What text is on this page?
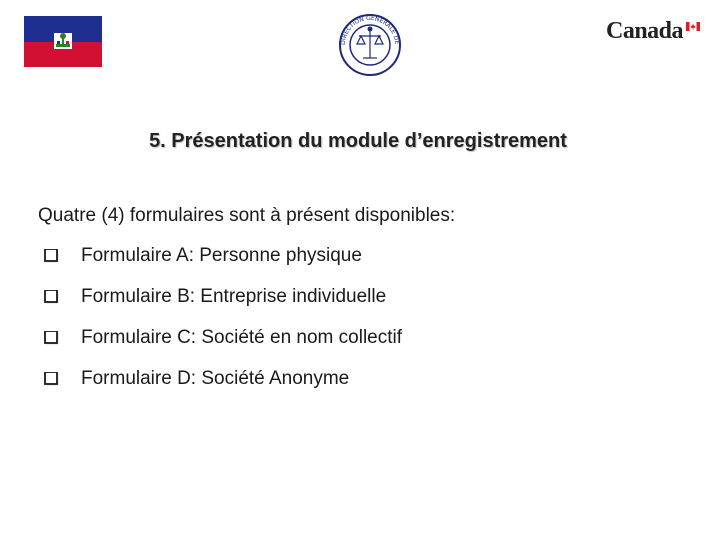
DIRECTION GÉNÉRALE DE	Canada
5. Présentation du module d’enregistrement
Quatre (4) formulaires sont à présent disponibles:
Formulaire A: Personne physique
Formulaire B: Entreprise individuelle
Formulaire C: Société en nom collectif
Formulaire D: Société Anonyme
